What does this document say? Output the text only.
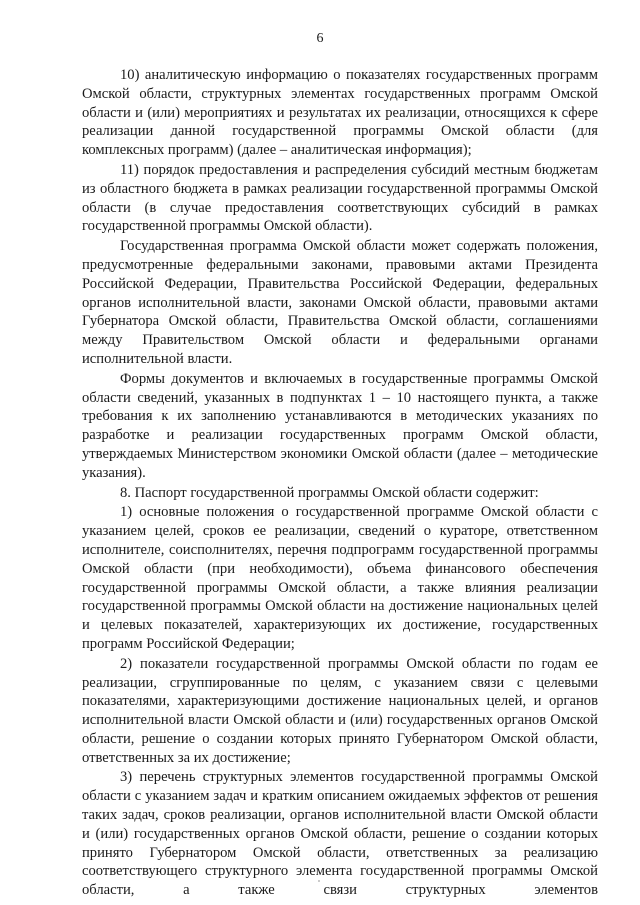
6

10) аналитическую информацию о показателях государственных программ Омской области, структурных элементах государственных программ Омской области и (или) мероприятиях и результатах их реализации, относящихся к сфере реализации данной государственной программы Омской области (для комплексных программ) (далее – аналитическая информация);

11) порядок предоставления и распределения субсидий местным бюджетам из областного бюджета в рамках реализации государственной программы Омской области (в случае предоставления соответствующих субсидий в рамках государственной программы Омской области).

Государственная программа Омской области может содержать положения, предусмотренные федеральными законами, правовыми актами Президента Российской Федерации, Правительства Российской Федерации, федеральных органов исполнительной власти, законами Омской области, правовыми актами Губернатора Омской области, Правительства Омской области, соглашениями между Правительством Омской области и федеральными органами исполнительной власти.

Формы документов и включаемых в государственные программы Омской области сведений, указанных в подпунктах 1 – 10 настоящего пункта, а также требования к их заполнению устанавливаются в методических указаниях по разработке и реализации государственных программ Омской области, утверждаемых Министерством экономики Омской области (далее – методические указания).

8. Паспорт государственной программы Омской области содержит:

1) основные положения о государственной программе Омской области с указанием целей, сроков ее реализации, сведений о кураторе, ответственном исполнителе, соисполнителях, перечня подпрограмм государственной программы Омской области (при необходимости), объема финансового обеспечения государственной программы Омской области, а также влияния реализации государственной программы Омской области на достижение национальных целей и целевых показателей, характеризующих их достижение, государственных программ Российской Федерации;

2) показатели государственной программы Омской области по годам ее реализации, сгруппированные по целям, с указанием связи с целевыми показателями, характеризующими достижение национальных целей, и органов исполнительной власти Омской области и (или) государственных органов Омской области, решение о создании которых принято Губернатором Омской области, ответственных за их достижение;

3) перечень структурных элементов государственной программы Омской области с указанием задач и кратким описанием ожидаемых эффектов от решения таких задач, сроков реализации, органов исполнительной власти Омской области и (или) государственных органов Омской области, решение о создании которых принято Губернатором Омской области, ответственных за реализацию соответствующего структурного элемента государственной программы Омской области, а также связи структурных элементов
